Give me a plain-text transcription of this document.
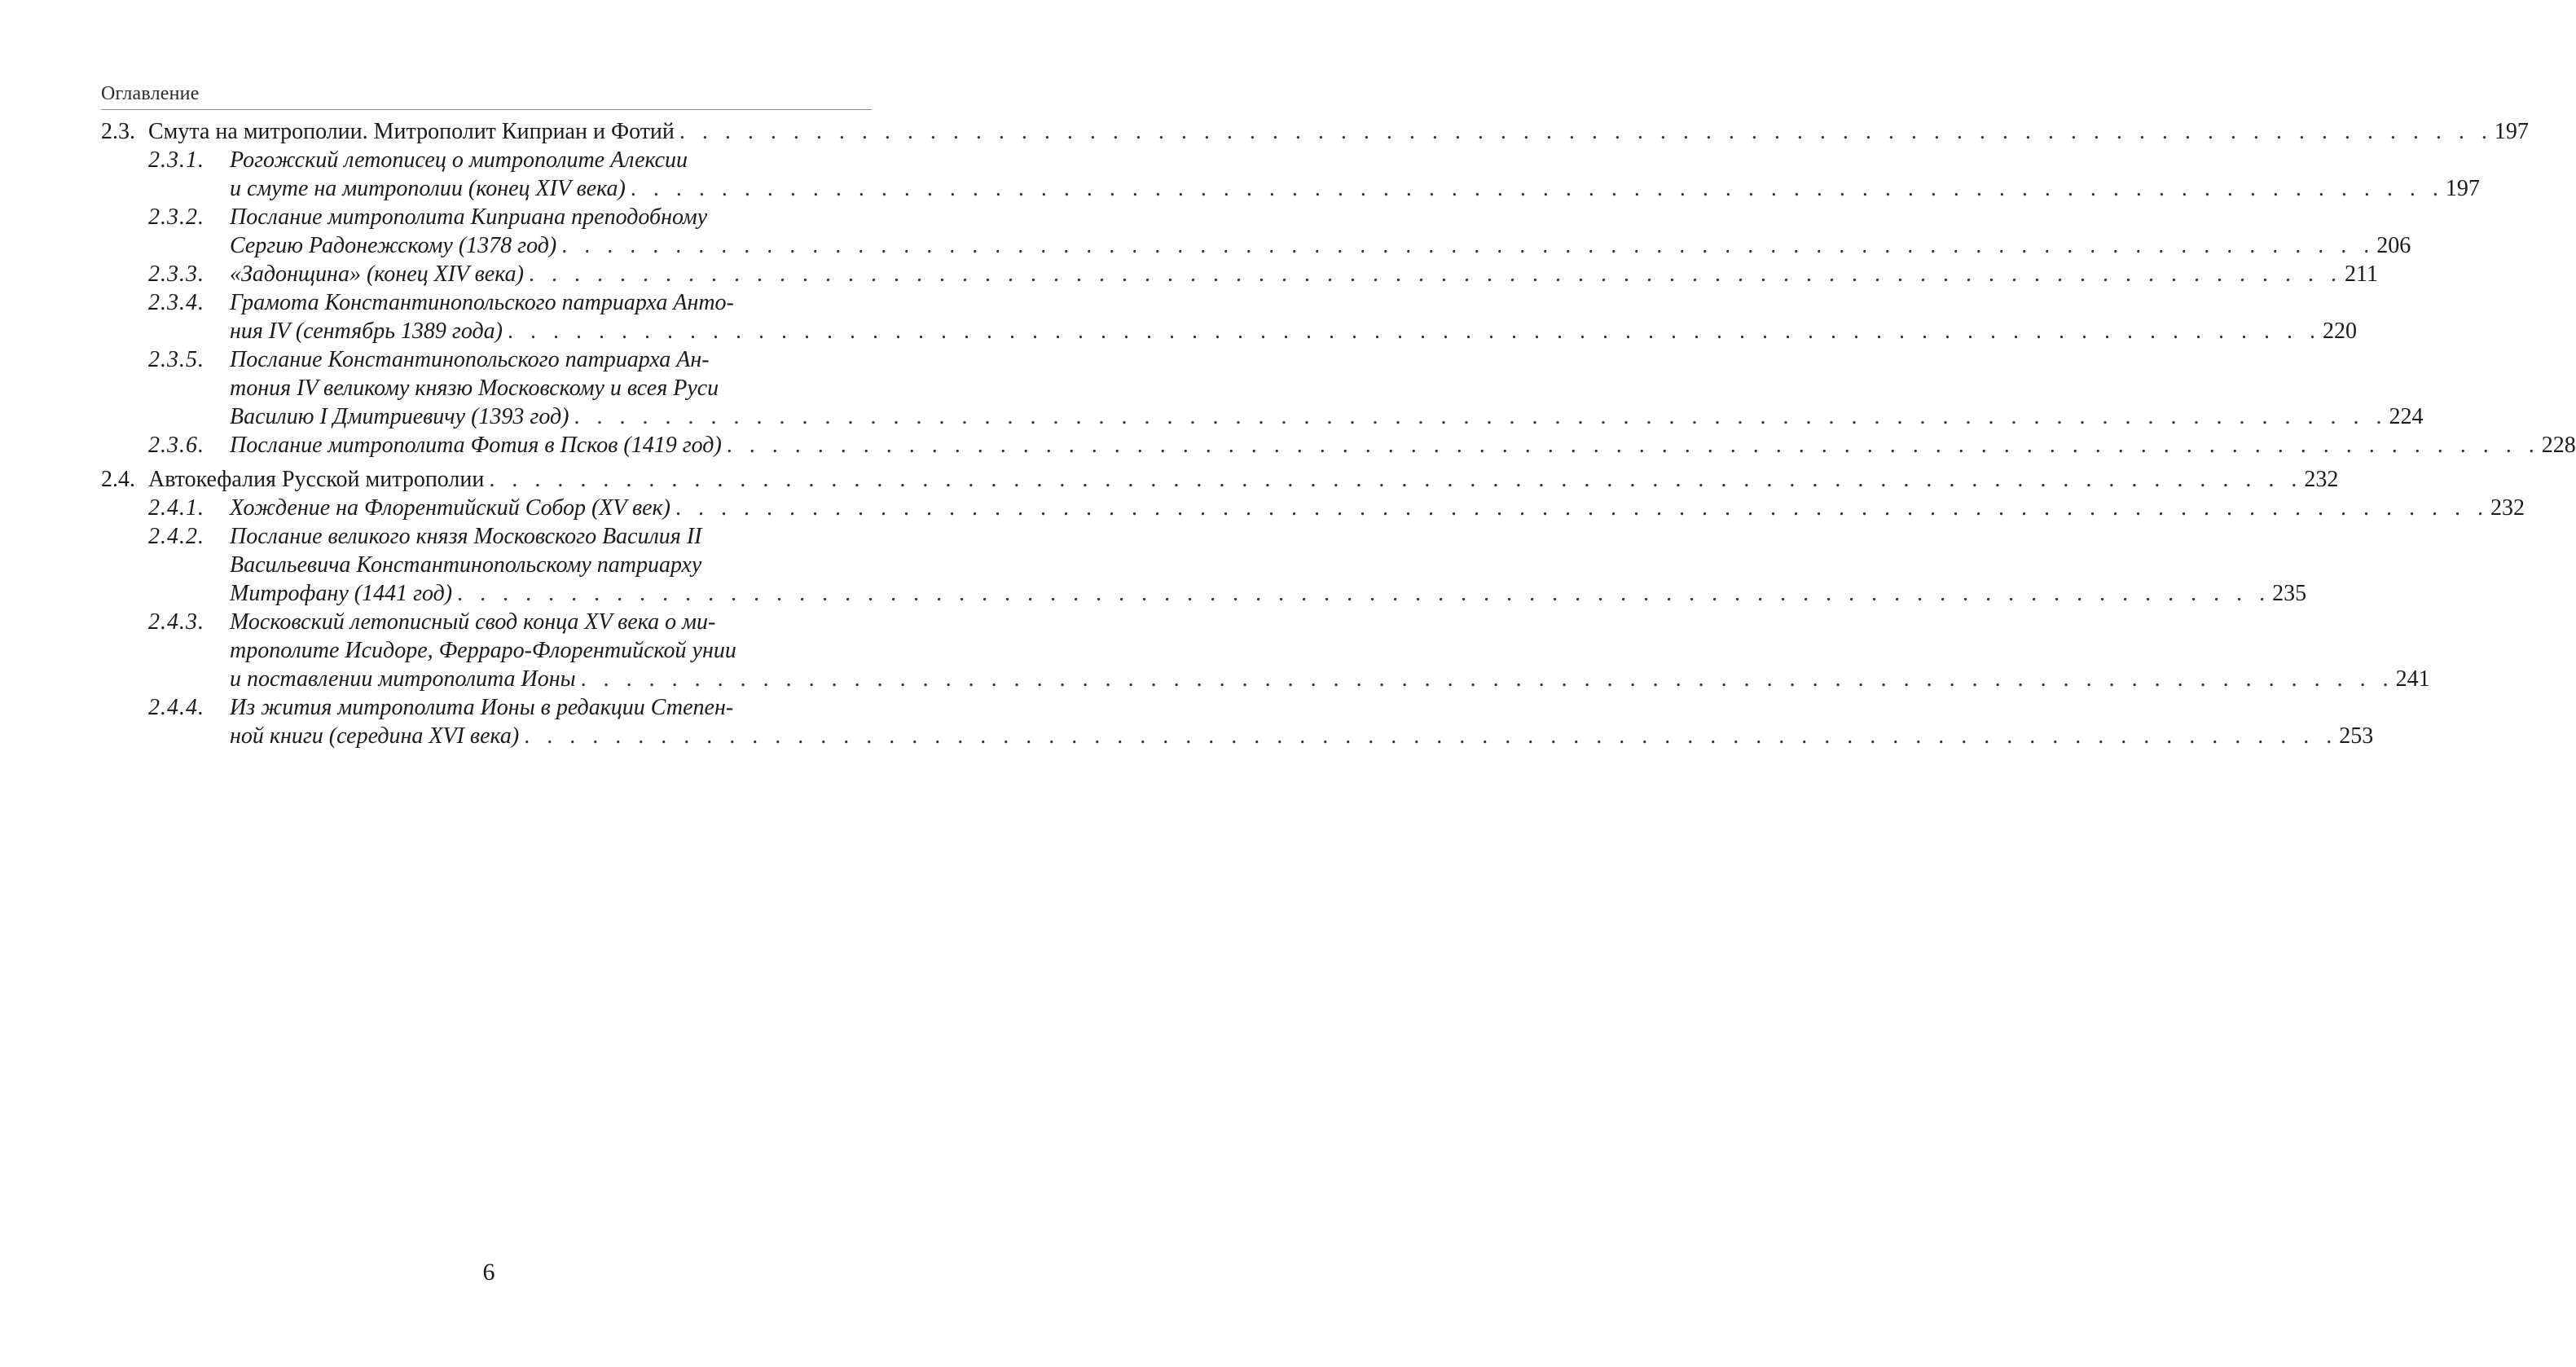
Оглавление
2.3. Смута на митрополии. Митрополит Киприан и Фотий . . . . . . . . . . . . . . . . . . . . . . . . . . . . . . . . . . . . . . . . . . . . . . . . . . . . . . . . . . . . . . . . . . . . . . . . . . . . . . . . 197
2.3.1. Рогожский летописец о митрополите Алексии
и смуте на митрополии (конец XIV века) . . . . . . . . . . . . . . . . . . . . . . . . . . . . . . . . . . . . . . . . . . . . . . . . . . . . . . . . . . . . . . . . . . . . . . . . . . . . . . . . 197
2.3.2. Послание митрополита Киприана преподобному
Сергию Радонежскому (1378 год) . . . . . . . . . . . . . . . . . . . . . . . . . . . . . . . . . . . . . . . . . . . . . . . . . . . . . . . . . . . . . . . . . . . . . . . . . . . . . . . . 206
2.3.3. «Задонщина» (конец XIV века) . . . . . . . . . . . . . . . . . . . . . . . . . . . . . . . . . . . . . . . . . . . . . . . . . . . . . . . . . . . . . . . . . . . . . . . . . . . . . . . . 211
2.3.4. Грамота Константинопольского патриарха Анто-
ния IV (сентябрь 1389 года) . . . . . . . . . . . . . . . . . . . . . . . . . . . . . . . . . . . . . . . . . . . . . . . . . . . . . . . . . . . . . . . . . . . . . . . . . . . . . . . . 220
2.3.5. Послание Константинопольского патриарха Ан-
тония IV великому князю Московскому и всея Руси
Василию I Дмитриевичу (1393 год) . . . . . . . . . . . . . . . . . . . . . . . . . . . . . . . . . . . . . . . . . . . . . . . . . . . . . . . . . . . . . . . . . . . . . . . . . . . . . . . . 224
2.3.6. Послание митрополита Фотия в Псков (1419 год) . . . . . . . . . . . . . . . . . . . . . . . . . . . . . . . . . . . . . . . . . . . . . . . . . . . . . . . . . . . . . . . . . . . . . . . . . . . . . . . . 228
2.4. Автокефалия Русской митрополии . . . . . . . . . . . . . . . . . . . . . . . . . . . . . . . . . . . . . . . . . . . . . . . . . . . . . . . . . . . . . . . . . . . . . . . . . . . . . . . . 232
2.4.1. Хождение на Флорентийский Собор (XV век) . . . . . . . . . . . . . . . . . . . . . . . . . . . . . . . . . . . . . . . . . . . . . . . . . . . . . . . . . . . . . . . . . . . . . . . . . . . . . . . . 232
2.4.2. Послание великого князя Московского Василия II
Васильевича Константинопольскому патриарху
Митрофану (1441 год) . . . . . . . . . . . . . . . . . . . . . . . . . . . . . . . . . . . . . . . . . . . . . . . . . . . . . . . . . . . . . . . . . . . . . . . . . . . . . . . . 235
2.4.3. Московский летописный свод конца XV века о ми-
трополите Исидоре, Ферраро-Флорентийской унии
и поставлении митрополита Ионы . . . . . . . . . . . . . . . . . . . . . . . . . . . . . . . . . . . . . . . . . . . . . . . . . . . . . . . . . . . . . . . . . . . . . . . . . . . . . . . . 241
2.4.4. Из жития митрополита Ионы в редакции Степен-
ной книги (середина XVI века) . . . . . . . . . . . . . . . . . . . . . . . . . . . . . . . . . . . . . . . . . . . . . . . . . . . . . . . . . . . . . . . . . . . . . . . . . . . . . . . . 253
6
